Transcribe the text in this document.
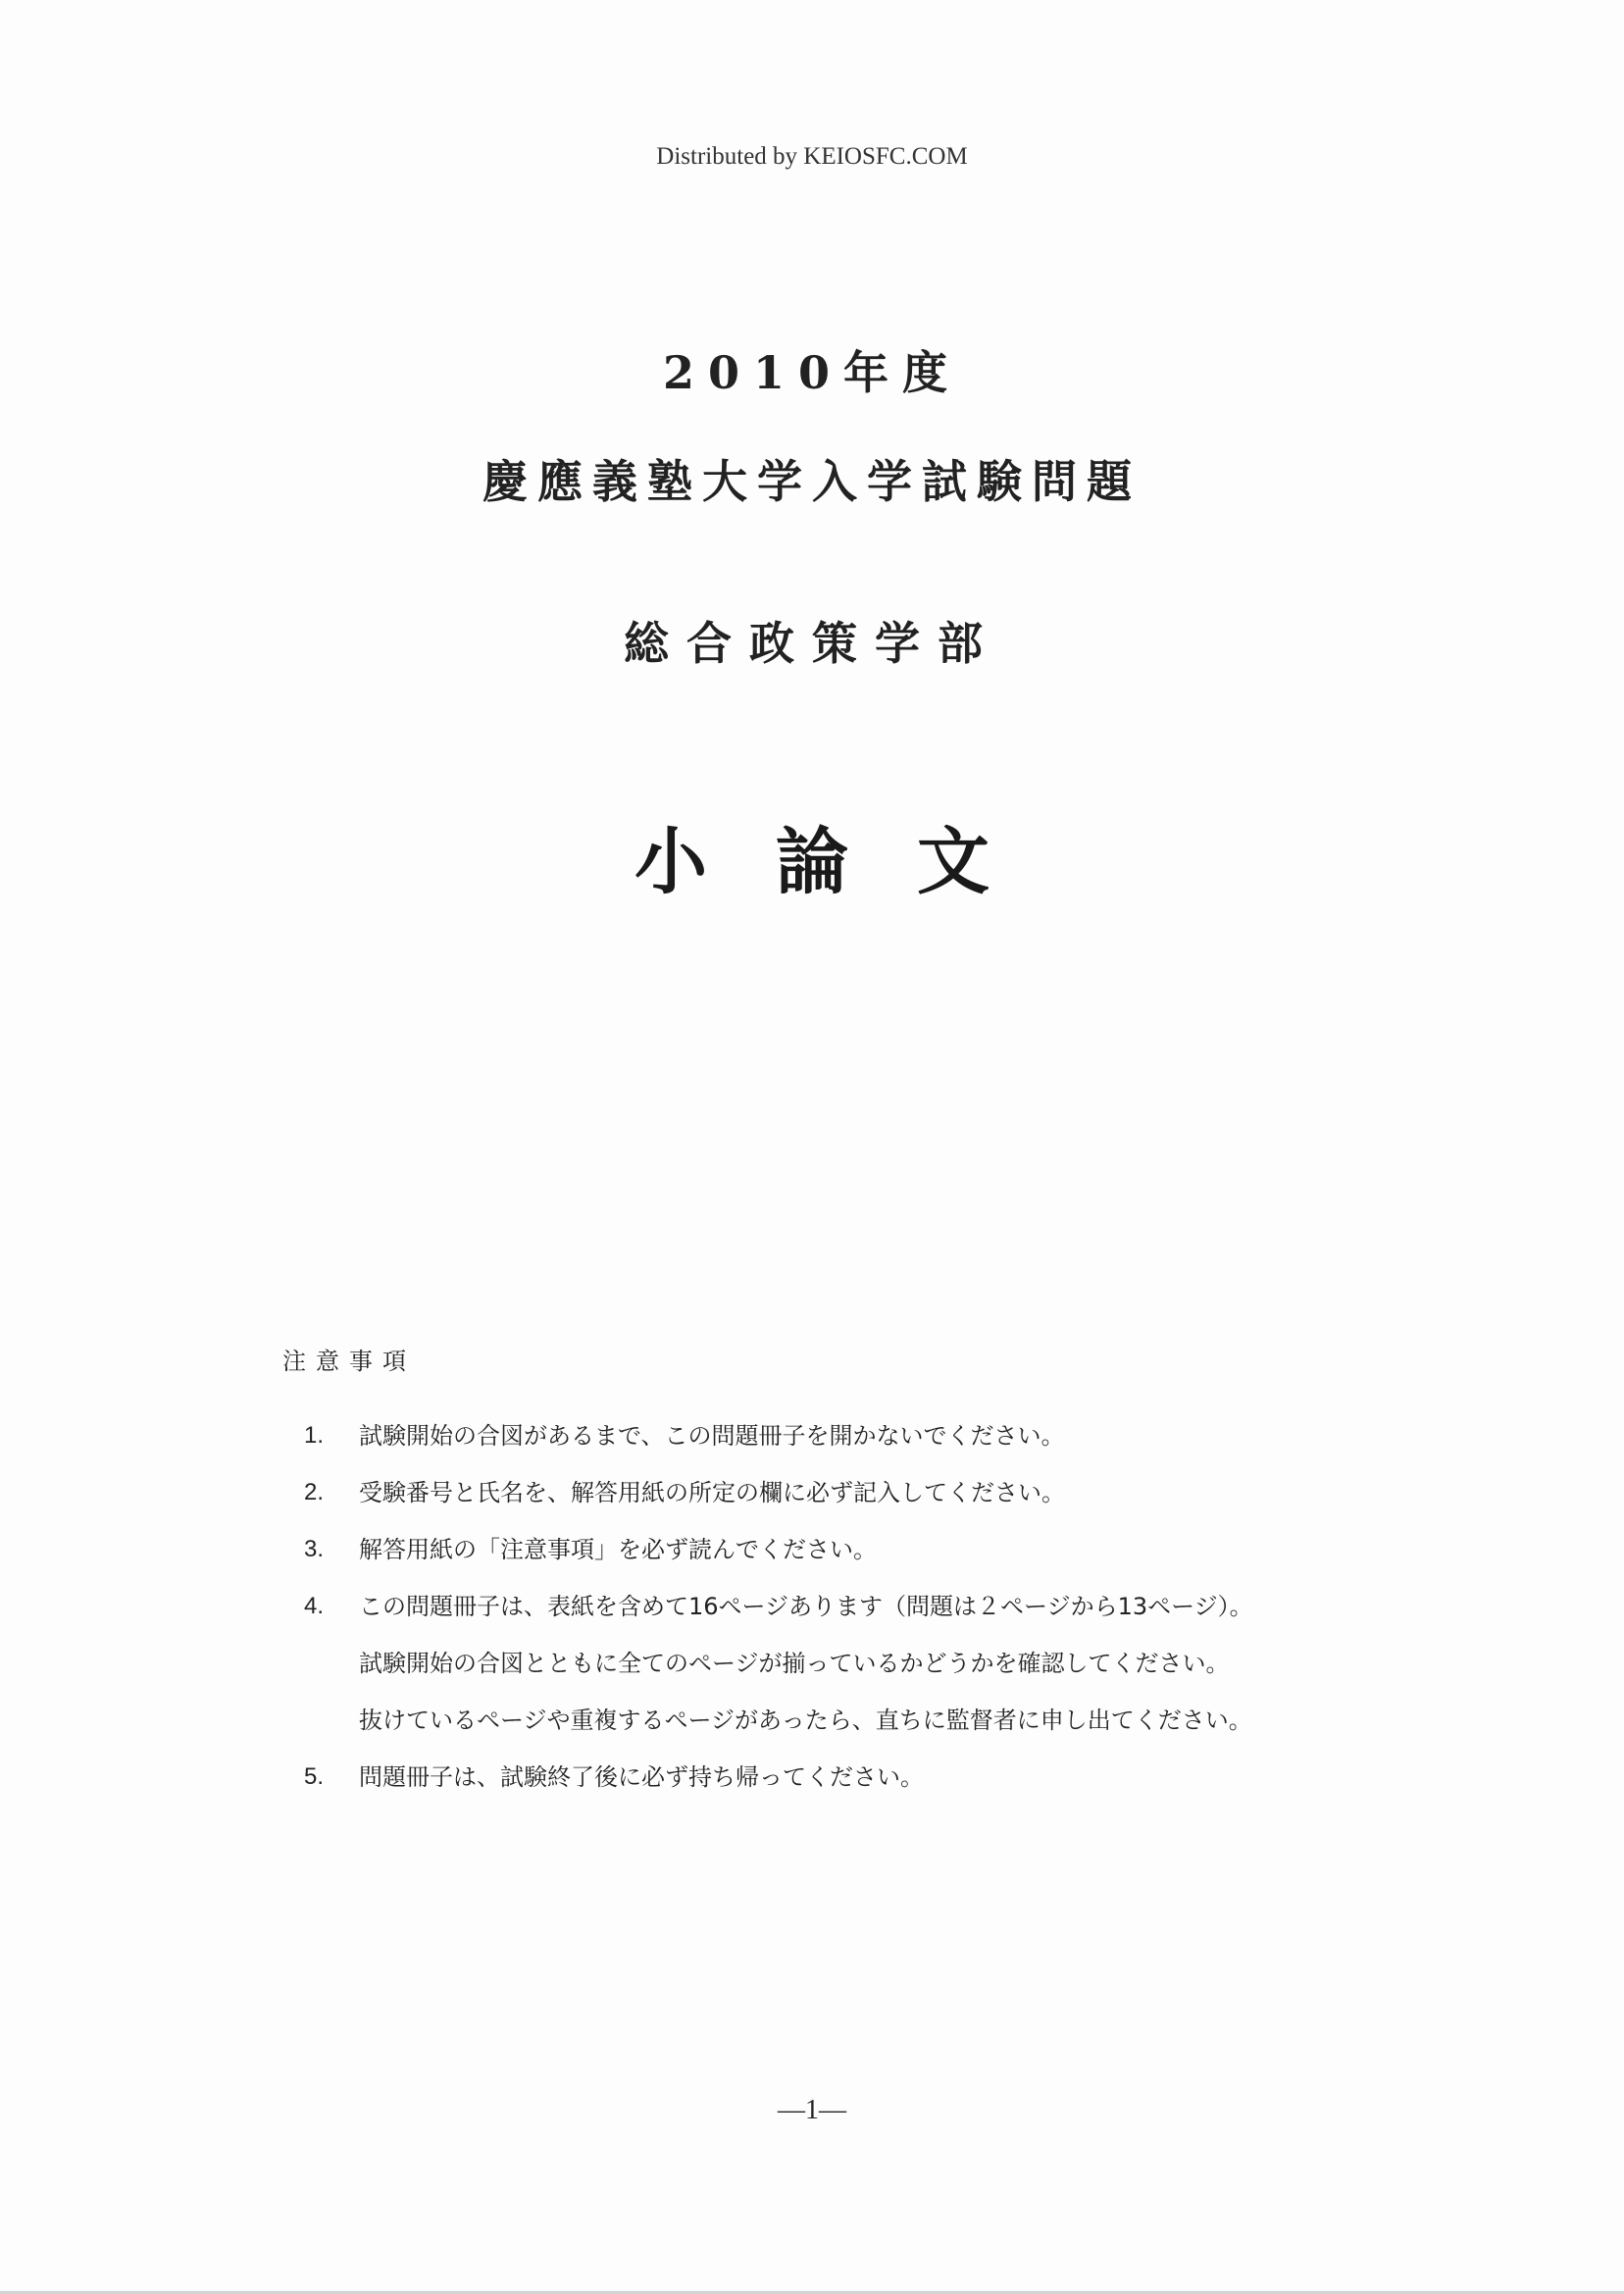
Distributed by KEIOSFC.COM
2010年度
慶應義塾大学入学試験問題
総合政策学部
小論文
注意事項
1.	試験開始の合図があるまで、この問題冊子を開かないでください。
2.	受験番号と氏名を、解答用紙の所定の欄に必ず記入してください。
3.	解答用紙の「注意事項」を必ず読んでください。
4.	この問題冊子は、表紙を含めて16ページあります（問題は２ページから13ページ）。
試験開始の合図とともに全てのページが揃っているかどうかを確認してください。
抜けているページや重複するページがあったら、直ちに監督者に申し出てください。
5.	問題冊子は、試験終了後に必ず持ち帰ってください。
—1—
